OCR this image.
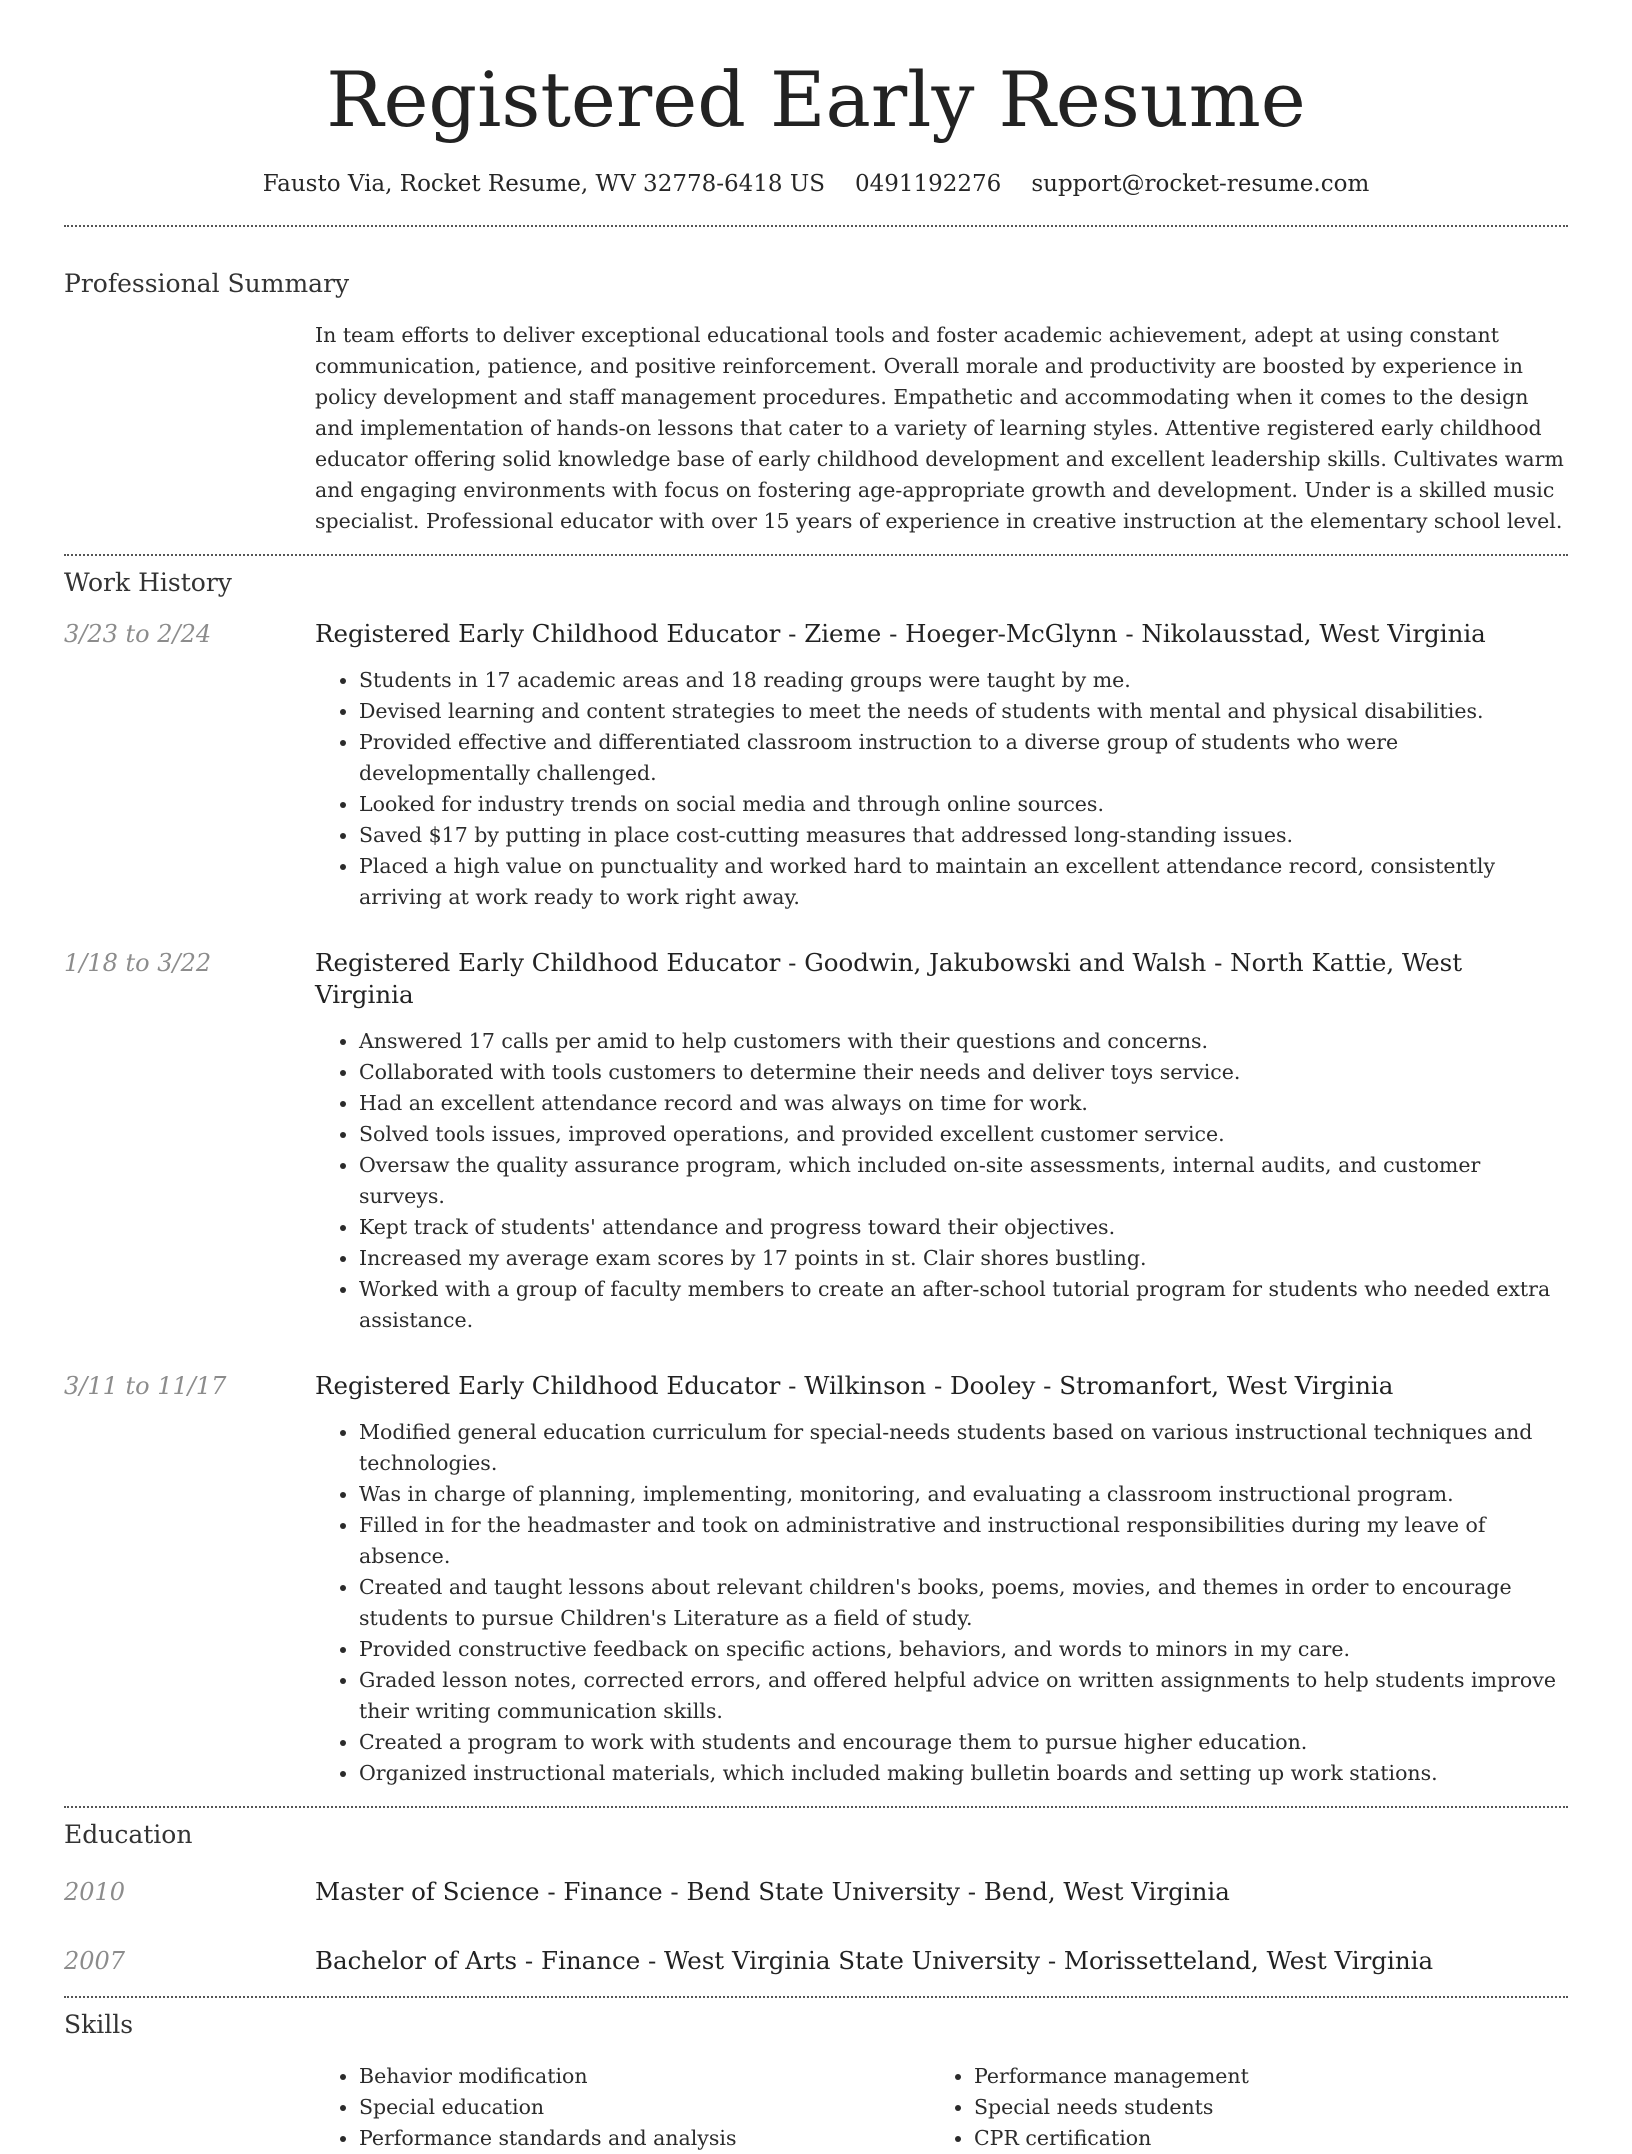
Registered Early Resume
Fausto Via, Rocket Resume, WV 32778-6418 US 0491192276 support@rocket-resume.com
Professional Summary
In team efforts to deliver exceptional educational tools and foster academic achievement, adept at using constant communication, patience, and positive reinforcement. Overall morale and productivity are boosted by experience in policy development and staff management procedures. Empathetic and accommodating when it comes to the design and implementation of hands-on lessons that cater to a variety of learning styles. Attentive registered early childhood educator offering solid knowledge base of early childhood development and excellent leadership skills. Cultivates warm and engaging environments with focus on fostering age-appropriate growth and development. Under is a skilled music specialist. Professional educator with over 15 years of experience in creative instruction at the elementary school level.
Work History
3/23 to 2/24	Registered Early Childhood Educator - Zieme - Hoeger-McGlynn - Nikolausstad, West Virginia
• Students in 17 academic areas and 18 reading groups were taught by me.
• Devised learning and content strategies to meet the needs of students with mental and physical disabilities.
• Provided effective and differentiated classroom instruction to a diverse group of students who were developmentally challenged.
• Looked for industry trends on social media and through online sources.
• Saved $17 by putting in place cost-cutting measures that addressed long-standing issues.
• Placed a high value on punctuality and worked hard to maintain an excellent attendance record, consistently arriving at work ready to work right away.
1/18 to 3/22	Registered Early Childhood Educator - Goodwin, Jakubowski and Walsh - North Kattie, West Virginia
• Answered 17 calls per amid to help customers with their questions and concerns.
• Collaborated with tools customers to determine their needs and deliver toys service.
• Had an excellent attendance record and was always on time for work.
• Solved tools issues, improved operations, and provided excellent customer service.
• Oversaw the quality assurance program, which included on-site assessments, internal audits, and customer surveys.
• Kept track of students' attendance and progress toward their objectives.
• Increased my average exam scores by 17 points in st. Clair shores bustling.
• Worked with a group of faculty members to create an after-school tutorial program for students who needed extra assistance.
3/11 to 11/17	Registered Early Childhood Educator - Wilkinson - Dooley - Stromanfort, West Virginia
• Modified general education curriculum for special-needs students based on various instructional techniques and technologies.
• Was in charge of planning, implementing, monitoring, and evaluating a classroom instructional program.
• Filled in for the headmaster and took on administrative and instructional responsibilities during my leave of absence.
• Created and taught lessons about relevant children's books, poems, movies, and themes in order to encourage students to pursue Children's Literature as a field of study.
• Provided constructive feedback on specific actions, behaviors, and words to minors in my care.
• Graded lesson notes, corrected errors, and offered helpful advice on written assignments to help students improve their writing communication skills.
• Created a program to work with students and encourage them to pursue higher education.
• Organized instructional materials, which included making bulletin boards and setting up work stations.
Education
2010	Master of Science - Finance - Bend State University - Bend, West Virginia
2007	Bachelor of Arts - Finance - West Virginia State University - Morissetteland, West Virginia
Skills
• Behavior modification
• Special education
• Performance standards and analysis
• Performance management
• Special needs students
• CPR certification
